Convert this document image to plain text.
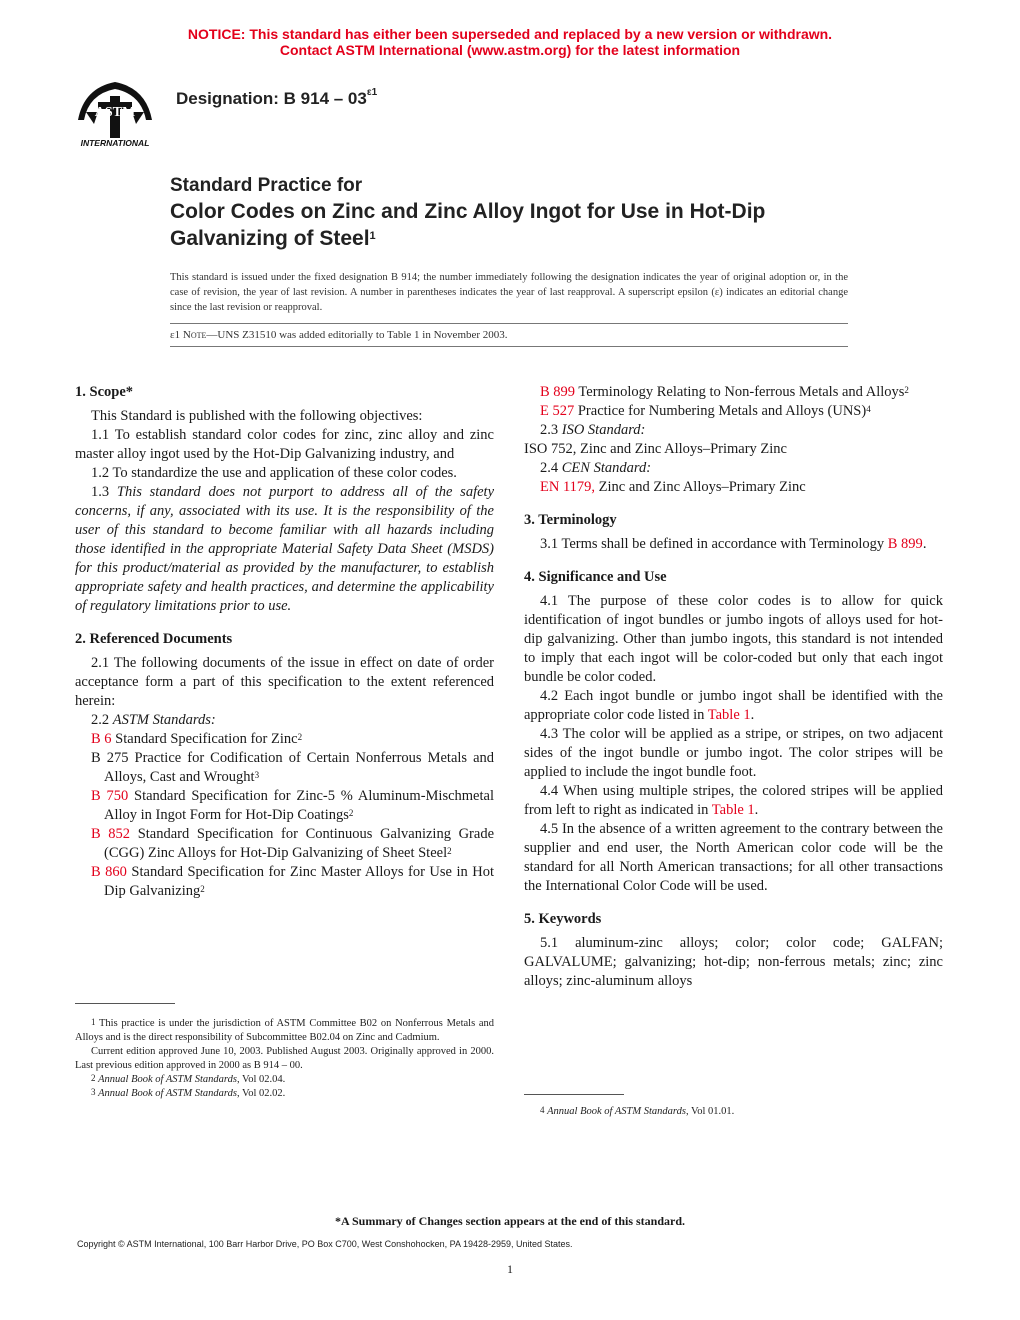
NOTICE: This standard has either been superseded and replaced by a new version or withdrawn.
Contact ASTM International (www.astm.org) for the latest information
ASTM
INTERNATIONAL
Designation: B $914 - 03^{\varepsilon 1}$
Standard Practice for
Color Codes on Zinc and Zinc Alloy Ingot for Use in Hot-Dip
Galvanizing of Steel$^1$
This standard is issued under the fixed designation B 914; the number immediately following the designation indicates the year of original adoption or, in the case of revision, the year of last revision. A number in parentheses indicates the year of last reapproval. A superscript epsilon (ε) indicates an editorial change since the last revision or reapproval.
ε1 Note—UNS Z31510 was added editorially to Table 1 in November 2003.
1. Scope*

This Standard is published with the following objectives:

1.1 To establish standard color codes for zinc, zinc alloy and zinc master alloy ingot used by the Hot-Dip Galvanizing industry, and

1.2 To standardize the use and application of these color codes.

1.3 This standard does not purport to address all of the safety concerns, if any, associated with its use. It is the responsibility of the user of this standard to become familiar with all hazards including those identified in the appropriate Material Safety Data Sheet (MSDS) for this product/material as provided by the manufacturer, to establish appropriate safety and health practices, and determine the applicability of regulatory limitations prior to use.

2. Referenced Documents

2.1 The following documents of the issue in effect on date of order acceptance form a part of this specification to the extent referenced herein:

2.2 ASTM Standards:

B 6 Standard Specification for Zinc$^2$

B 275 Practice for Codification of Certain Nonferrous Metals and Alloys, Cast and Wrought$^3$

B 750 Standard Specification for Zinc-5 % Aluminum-Mischmetal Alloy in Ingot Form for Hot-Dip Coatings$^2$

B 852 Standard Specification for Continuous Galvanizing Grade (CGG) Zinc Alloys for Hot-Dip Galvanizing of Sheet Steel$^2$

B 860 Standard Specification for Zinc Master Alloys for Use in Hot Dip Galvanizing$^2$

$^1$ This practice is under the jurisdiction of ASTM Committee B02 on Nonferrous Metals and Alloys and is the direct responsibility of Subcommittee B02.04 on Zinc and Cadmium.

Current edition approved June 10, 2003. Published August 2003. Originally approved in 2000. Last previous edition approved in 2000 as B 914 – 00.

$^2$ Annual Book of ASTM Standards, Vol 02.04.

$^3$ Annual Book of ASTM Standards, Vol 02.02.

B 899 Terminology Relating to Non-ferrous Metals and Alloys$^2$

E 527 Practice for Numbering Metals and Alloys (UNS)$^4$

2.3 ISO Standard:

ISO 752, Zinc and Zinc Alloys–Primary Zinc

2.4 CEN Standard:

EN 1179, Zinc and Zinc Alloys–Primary Zinc

3. Terminology

3.1 Terms shall be defined in accordance with Terminology B 899.

4. Significance and Use

4.1 The purpose of these color codes is to allow for quick identification of ingot bundles or jumbo ingots of alloys used for hot-dip galvanizing. Other than jumbo ingots, this standard is not intended to imply that each ingot will be color-coded but only that each ingot bundle be color coded.

4.2 Each ingot bundle or jumbo ingot shall be identified with the appropriate color code listed in Table 1.

4.3 The color will be applied as a stripe, or stripes, on two adjacent sides of the ingot bundle or jumbo ingot. The color stripes will be applied to include the ingot bundle foot.

4.4 When using multiple stripes, the colored stripes will be applied from left to right as indicated in Table 1.

4.5 In the absence of a written agreement to the contrary between the supplier and end user, the North American color code will be the standard for all North American transactions; for all other transactions the International Color Code will be used.

5. Keywords

5.1 aluminum-zinc alloys; color; color code; GALFAN; GALVALUME; galvanizing; hot-dip; non-ferrous metals; zinc; zinc alloys; zinc-aluminum alloys

$^4$ Annual Book of ASTM Standards, Vol 01.01.

*A Summary of Changes section appears at the end of this standard.
Copyright © ASTM International, 100 Barr Harbor Drive, PO Box C700, West Conshohocken, PA 19428-2959, United States.
1
